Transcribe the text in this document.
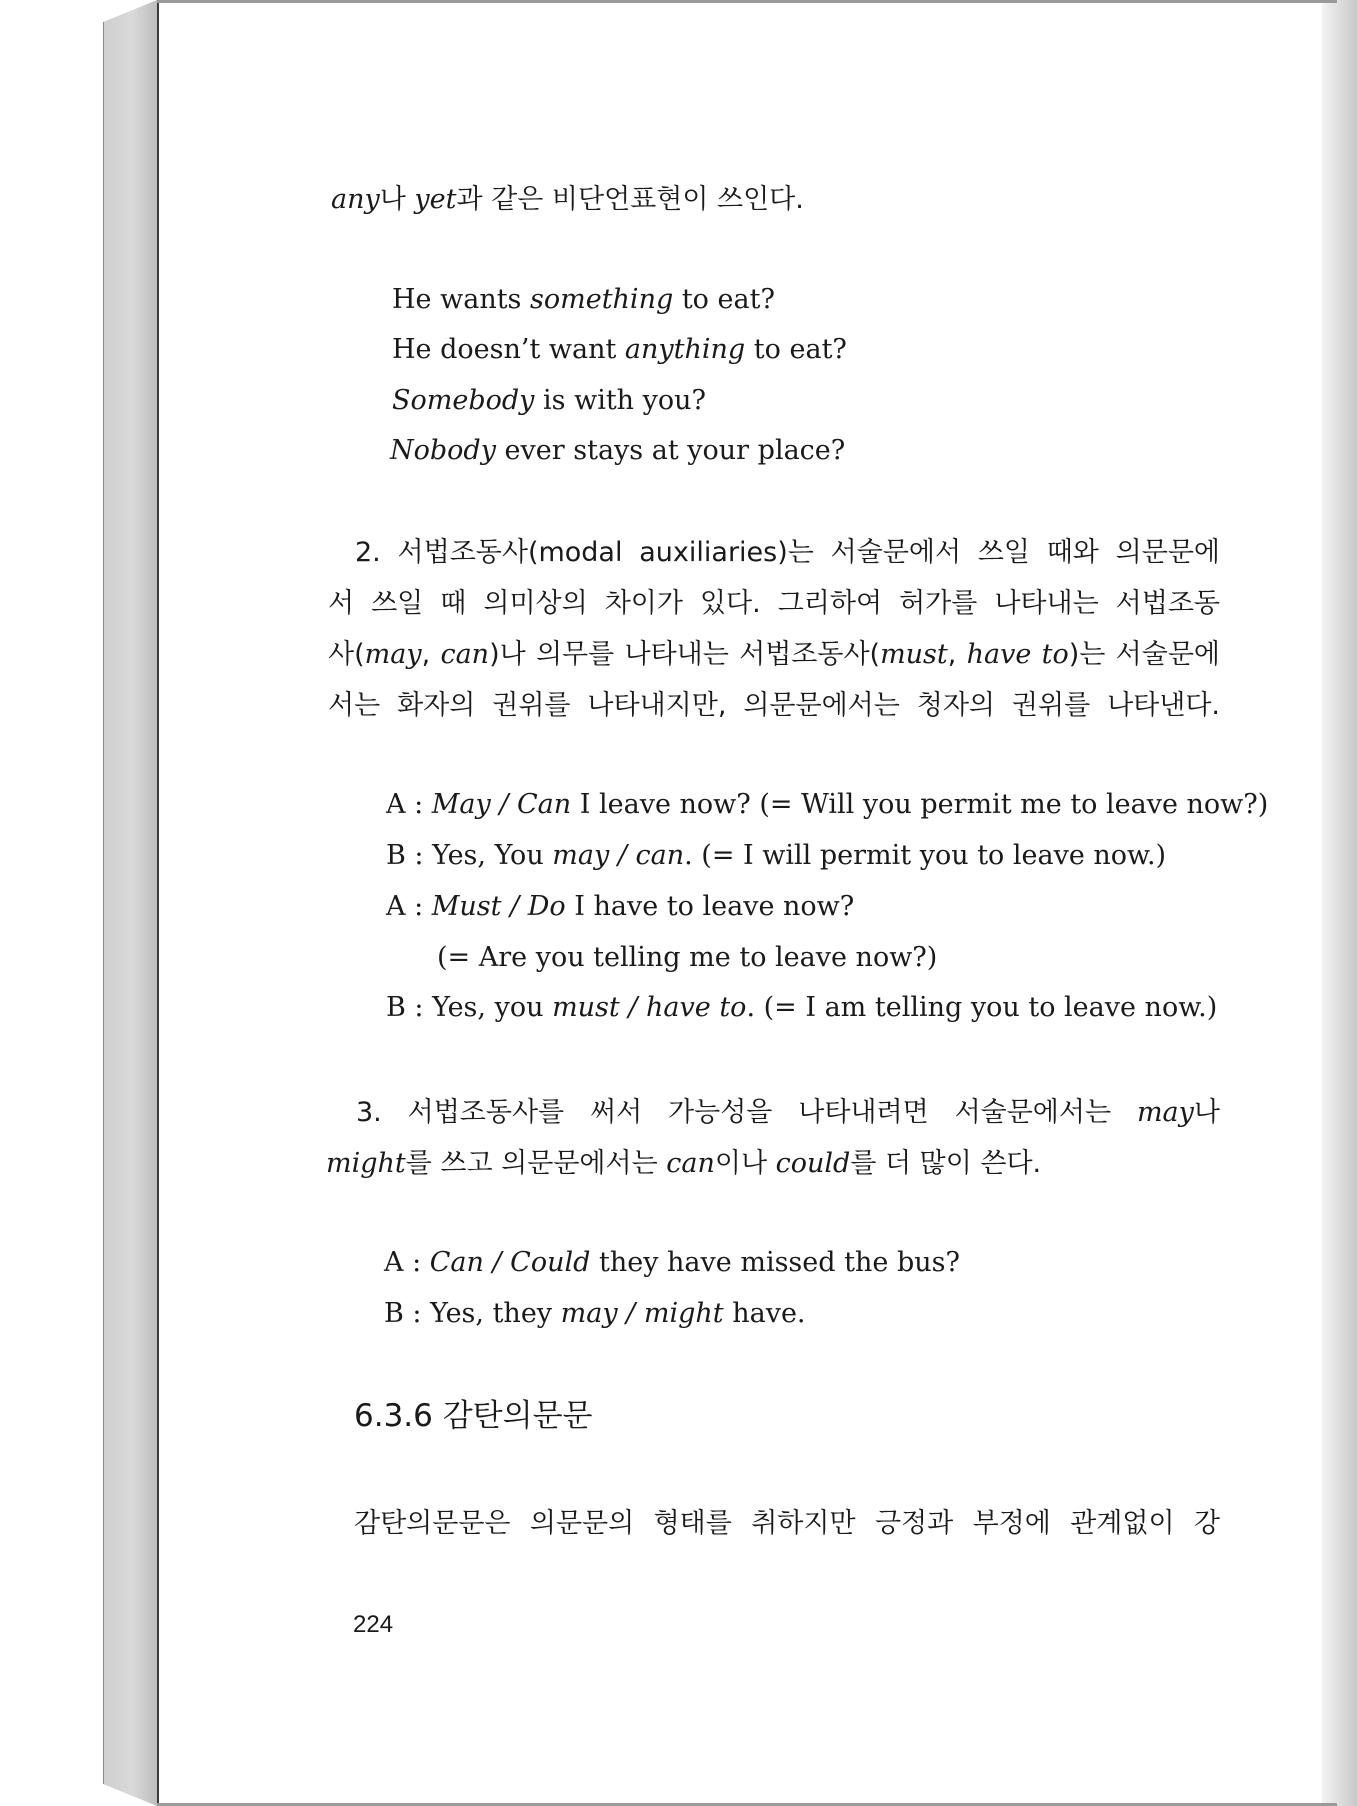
any나 yet과 같은 비단언표현이 쓰인다.
He wants something to eat?
He doesn’t want anything to eat?
Somebody is with you?
Nobody ever stays at your place?
2. 서법조동사(modal auxiliaries)는 서술문에서 쓰일 때와 의문문에
서 쓰일 때 의미상의 차이가 있다. 그리하여 허가를 나타내는 서법조동
사(may, can)나 의무를 나타내는 서법조동사(must, have to)는 서술문에
서는 화자의 권위를 나타내지만, 의문문에서는 청자의 권위를 나타낸다.
A : May / Can I leave now? (= Will you permit me to leave now?)
B : Yes, You may / can. (= I will permit you to leave now.)
A : Must / Do I have to leave now?
(= Are you telling me to leave now?)
B : Yes, you must / have to. (= I am telling you to leave now.)
3. 서법조동사를 써서 가능성을 나타내려면 서술문에서는 may나
might를 쓰고 의문문에서는 can이나 could를 더 많이 쓴다.
A : Can / Could they have missed the bus?
B : Yes, they may / might have.
6.3.6 감탄의문문
감탄의문문은 의문문의 형태를 취하지만 긍정과 부정에 관계없이 강
224
